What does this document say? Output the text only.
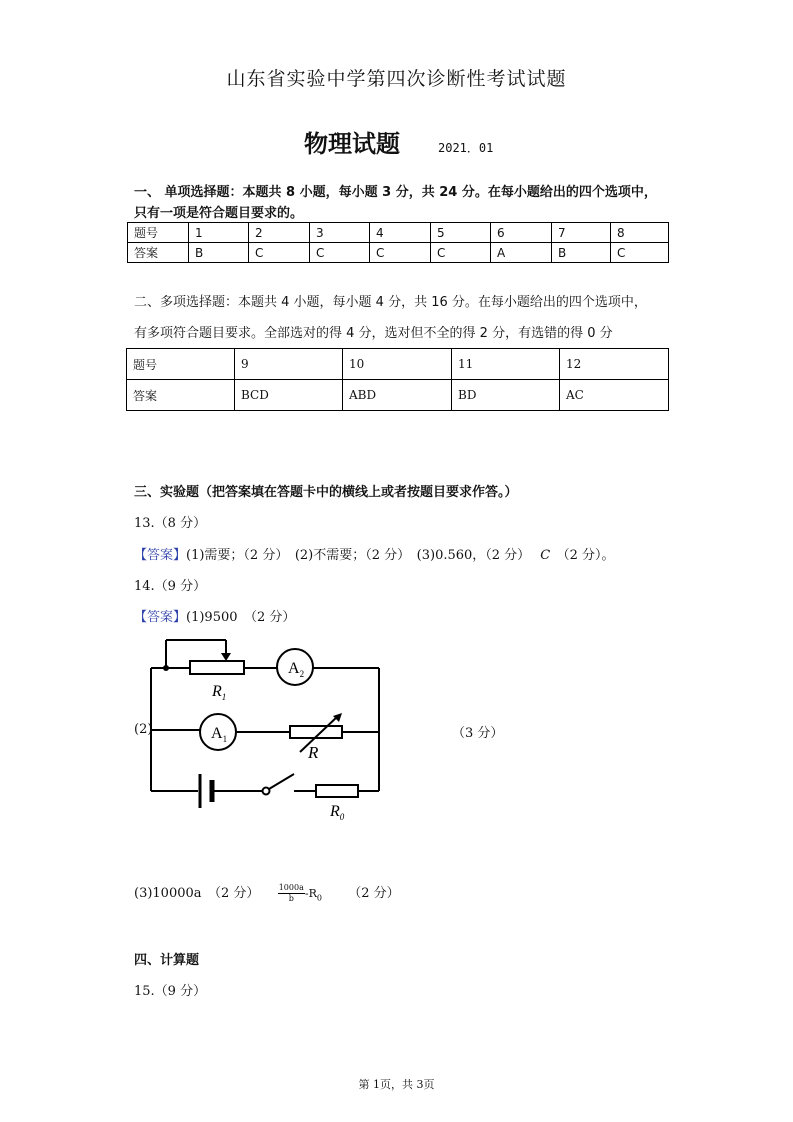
山东省实验中学第四次诊断性考试试题
物理试题	2021．01
一、 单项选择题：本题共 8 小题，每小题 3 分，共 24 分。在每小题给出的四个选项中，
只有一项是符合题目要求的。
题号	1	2	3	4	5	6	7	8
答案	B	C	C	C	C	A	B	C
二、多项选择题：本题共 4 小题，每小题 4 分，共 16 分。在每小题给出的四个选项中，
有多项符合题目要求。全部选对的得 4 分，选对但不全的得 2 分，有选错的得 0 分
题号	9	10	11	12
答案	BCD	ABD	BD	AC
三、实验题（把答案填在答题卡中的横线上或者按题目要求作答。）
13.（8 分）
【答案】(1)需要；（2 分）　(2)不需要；（2 分）　(3)0.560，（2 分） C　（2 分）。
14.（9 分）
【答案】(1)9500　（2 分）
(2)	（3 分）
$A_2$
$A_1$
$R_1$
R
$R_0$
(3)10000a　（2 分） $\frac{1000a}{b} -R_0$ （2 分）
四、计算题
15.（9 分）
第 1页，共 3页
